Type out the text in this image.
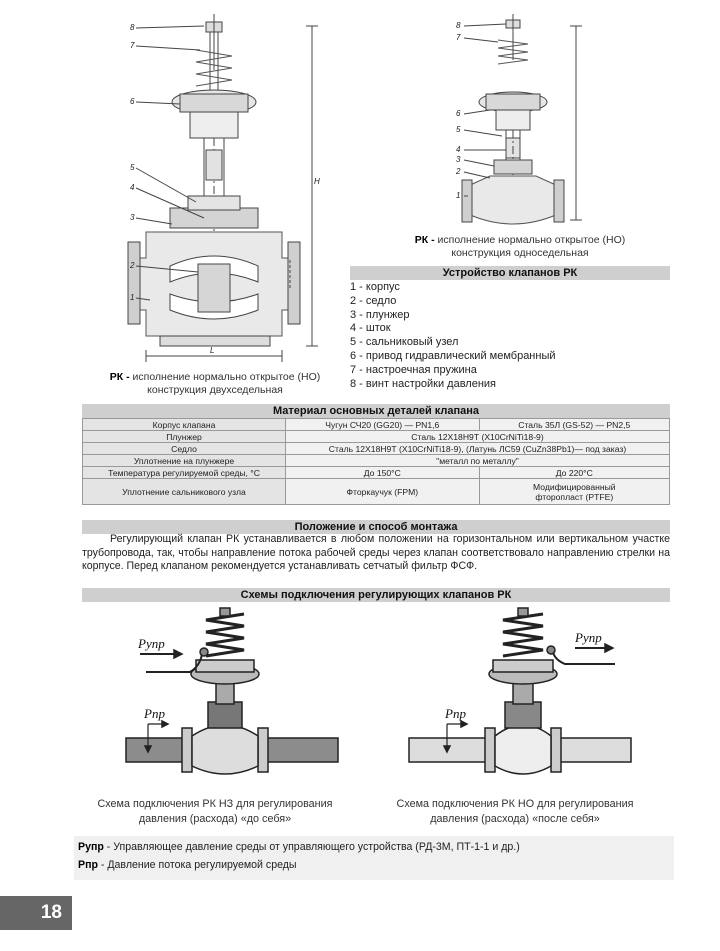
8
7
6
5
4
3
2
1
H
L
РК - исполнение нормально открытое (НО)
конструкция двухседельная
8
7
6
5
4
3
2
1
РК - исполнение нормально открытое (НО)
конструкция односедельная
Устройство клапанов РК
1 - корпус
2 - седло
3 - плунжер
4 - шток
5 - сальниковый узел
6 - привод гидравлический мембранный
7 - настроечная пружина
8 - винт настройки давления
Материал основных деталей клапана
Корпус клапана	Чугун СЧ20 (GG20) — PN1,6	Сталь 35Л (GS-52) — PN2,5
Плунжер	Сталь 12Х18Н9Т (X10CrNiTi18-9)	
Седло	Сталь 12Х18Н9Т (X10CrNiTi18-9), (Латунь ЛС59 (CuZn38Pb1)— под заказ)	
Уплотнение на плунжере	"металл по металлу"	
Температура регулируемой среды, °С	До 150°С	До 220°С
Уплотнение сальникового узла	Фторкаучук (FPM)	Модифицированный
фторопласт (PTFE)
Положение и способ монтажа
Регулирующий клапан РК устанавливается в любом положении на горизонтальном или вертикальном участке трубопровода, так, чтобы направление потока рабочей среды через клапан соответствовало направлению стрелки на корпусе. Перед клапаном рекомендуется устанавливать сетчатый фильтр ФСФ.
Схемы подключения регулирующих клапанов РК
Pупр
Pпр
Схема подключения РК НЗ для регулирования
давления (расхода) «до себя»
Pупр
Pпр
Схема подключения РК НО для регулирования
давления (расхода) «после себя»
Pупр - Управляющее давление среды от управляющего устройства (РД-3М, ПТ-1-1 и др.)
Pпр - Давление потока регулируемой среды
18
